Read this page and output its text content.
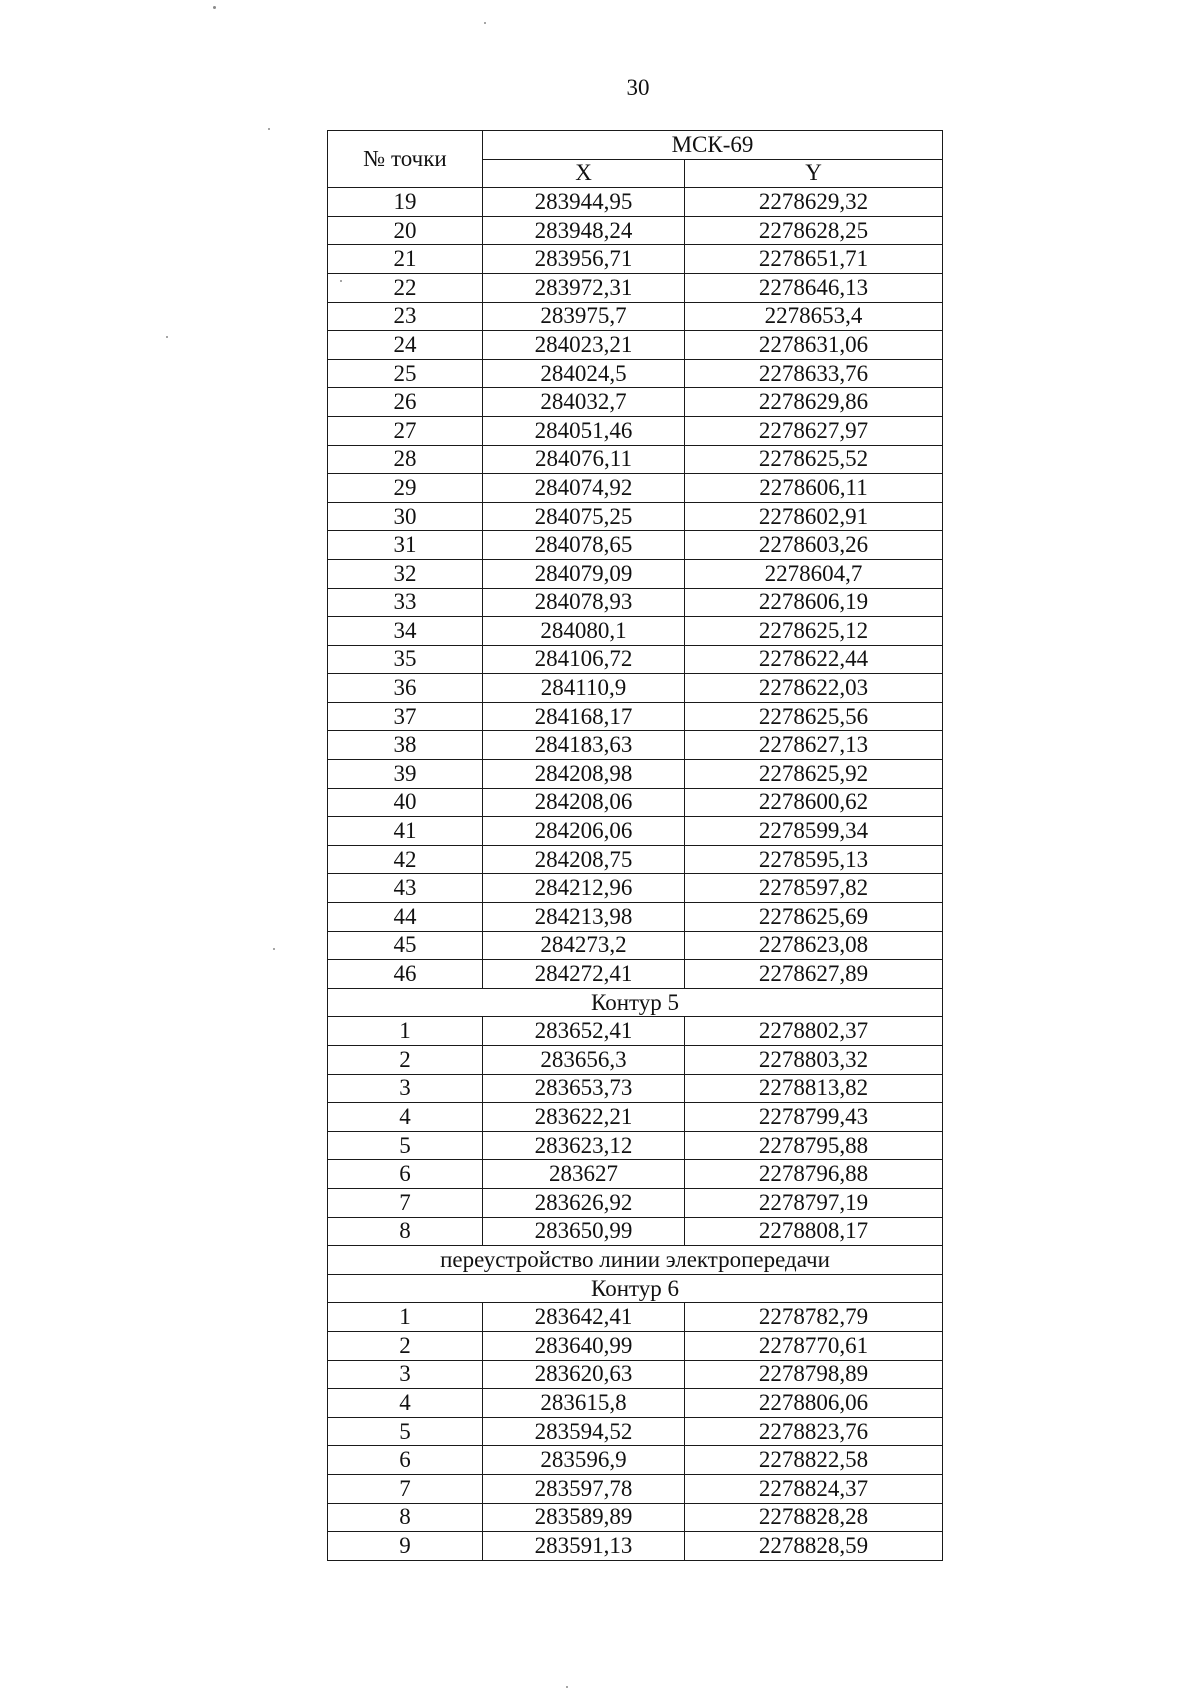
30
№ точки	МСК-69	
	X	Y
19	283944,95	2278629,32
20	283948,24	2278628,25
21	283956,71	2278651,71
22	283972,31	2278646,13
23	283975,7	2278653,4
24	284023,21	2278631,06
25	284024,5	2278633,76
26	284032,7	2278629,86
27	284051,46	2278627,97
28	284076,11	2278625,52
29	284074,92	2278606,11
30	284075,25	2278602,91
31	284078,65	2278603,26
32	284079,09	2278604,7
33	284078,93	2278606,19
34	284080,1	2278625,12
35	284106,72	2278622,44
36	284110,9	2278622,03
37	284168,17	2278625,56
38	284183,63	2278627,13
39	284208,98	2278625,92
40	284208,06	2278600,62
41	284206,06	2278599,34
42	284208,75	2278595,13
43	284212,96	2278597,82
44	284213,98	2278625,69
45	284273,2	2278623,08
46	284272,41	2278627,89
Контур 5		
1	283652,41	2278802,37
2	283656,3	2278803,32
3	283653,73	2278813,82
4	283622,21	2278799,43
5	283623,12	2278795,88
6	283627	2278796,88
7	283626,92	2278797,19
8	283650,99	2278808,17
переустройство линии электропередачи		
Контур 6		
1	283642,41	2278782,79
2	283640,99	2278770,61
3	283620,63	2278798,89
4	283615,8	2278806,06
5	283594,52	2278823,76
6	283596,9	2278822,58
7	283597,78	2278824,37
8	283589,89	2278828,28
9	283591,13	2278828,59
